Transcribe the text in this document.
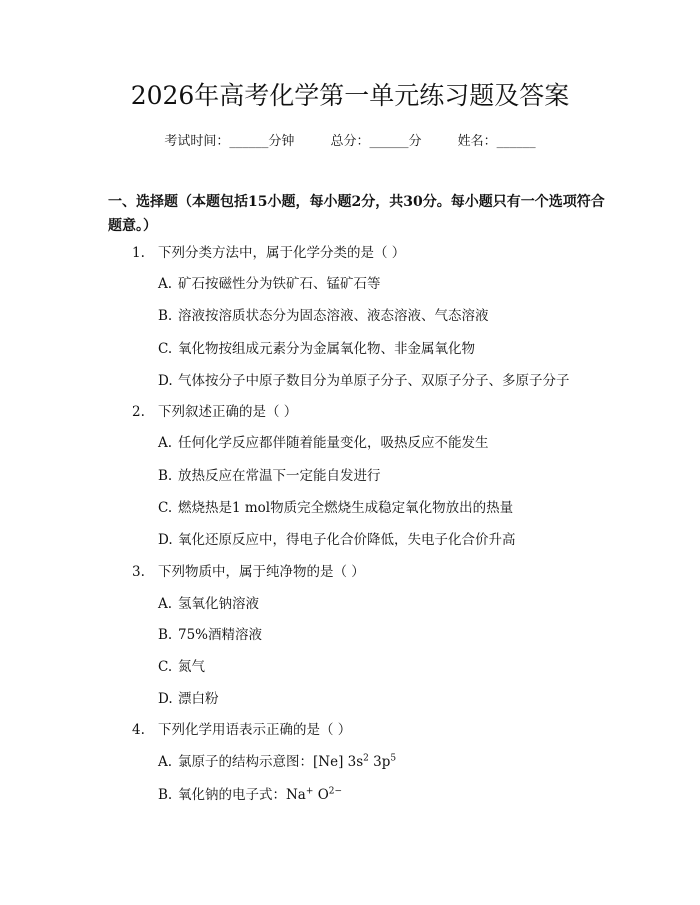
2026年高考化学第一单元练习题及答案
考试时间：______分钟	总分：______分	姓名：______
一、选择题（本题包括15小题，每小题2分，共30分。每小题只有一个选项符合题意。）
1. 下列分类方法中，属于化学分类的是（ ）
A. 矿石按磁性分为铁矿石、锰矿石等
B. 溶液按溶质状态分为固态溶液、液态溶液、气态溶液
C. 氧化物按组成元素分为金属氧化物、非金属氧化物
D. 气体按分子中原子数目分为单原子分子、双原子分子、多原子分子
2. 下列叙述正确的是（ ）
A. 任何化学反应都伴随着能量变化，吸热反应不能发生
B. 放热反应在常温下一定能自发进行
C. 燃烧热是1 mol物质完全燃烧生成稳定氧化物放出的热量
D. 氧化还原反应中，得电子化合价降低，失电子化合价升高
3. 下列物质中，属于纯净物的是（ ）
A. 氢氧化钠溶液
B. 75%酒精溶液
C. 氮气
D. 漂白粉
4. 下列化学用语表示正确的是（ ）
A. 氯原子的结构示意图：[Ne] $3s^2$ $3p^5$
B. 氧化钠的电子式：Na+ $O^{2-}$
